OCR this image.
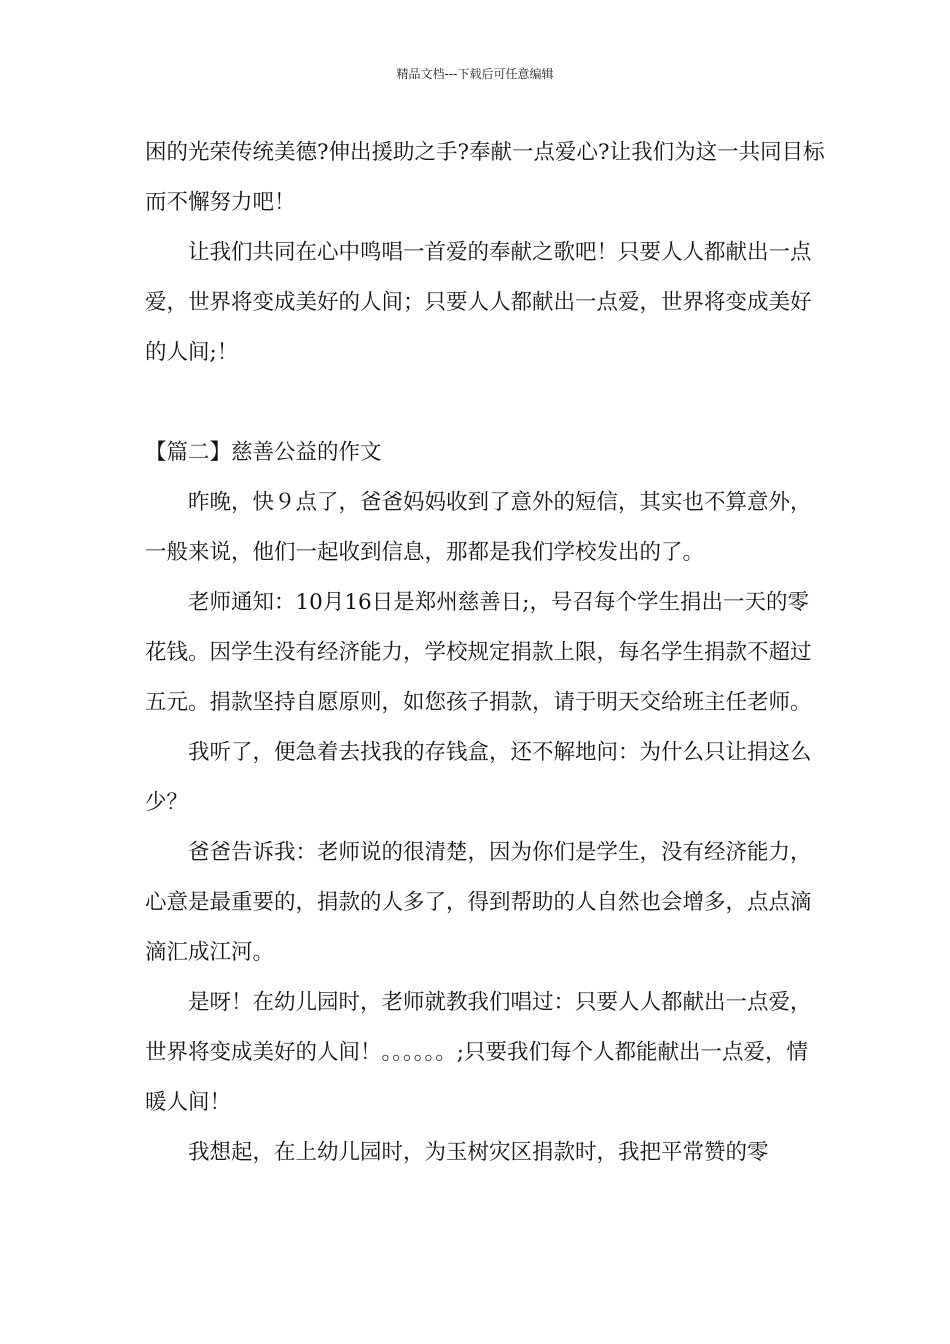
精品文档---下载后可任意编辑

困的光荣传统美德?伸出援助之手?奉献一点爱心?让我们为这一共同目标而不懈努力吧！

让我们共同在心中鸣唱一首爱的奉献之歌吧！只要人人都献出一点爱，世界将变成美好的人间；只要人人都献出一点爱，世界将变成美好的人间;！

【篇二】慈善公益的作文

昨晚，快９点了，爸爸妈妈收到了意外的短信，其实也不算意外，一般来说，他们一起收到信息，那都是我们学校发出的了。

老师通知：10月16日是郑州慈善日;，号召每个学生捐出一天的零花钱。因学生没有经济能力，学校规定捐款上限，每名学生捐款不超过五元。捐款坚持自愿原则，如您孩子捐款，请于明天交给班主任老师。

我听了，便急着去找我的存钱盒，还不解地问：为什么只让捐这么少？

爸爸告诉我：老师说的很清楚，因为你们是学生，没有经济能力，心意是最重要的，捐款的人多了，得到帮助的人自然也会增多，点点滴滴汇成江河。

是呀！在幼儿园时，老师就教我们唱过：只要人人都献出一点爱，世界将变成美好的人间！。。。。。。;只要我们每个人都能献出一点爱，情暖人间！

我想起，在上幼儿园时，为玉树灾区捐款时，我把平常赞的零
